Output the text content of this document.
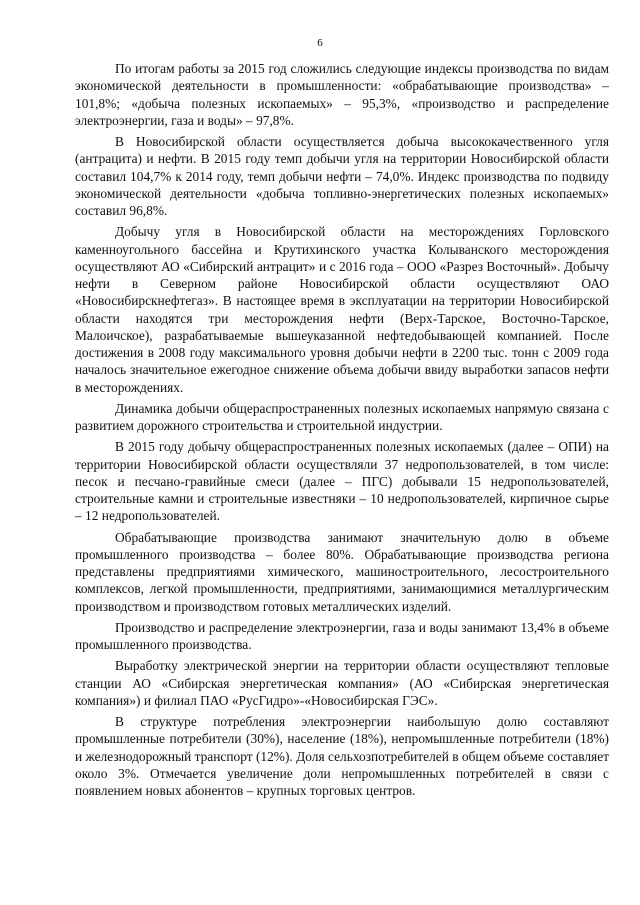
6

По итогам работы за 2015 год сложились следующие индексы производства по видам экономической деятельности в промышленности: «обрабатывающие производства» – 101,8%; «добыча полезных ископаемых» – 95,3%, «производство и распределение электроэнергии, газа и воды» – 97,8%.

В Новосибирской области осуществляется добыча высококачественного угля (антрацита) и нефти. В 2015 году темп добычи угля на территории Новосибирской области составил 104,7% к 2014 году, темп добычи нефти – 74,0%. Индекс производства по подвиду экономической деятельности «добыча топливно-энергетических полезных ископаемых» составил 96,8%.

Добычу угля в Новосибирской области на месторождениях Горловского каменноугольного бассейна и Крутихинского участка Колыванского месторождения осуществляют АО «Сибирский антрацит» и с 2016 года – ООО «Разрез Восточный». Добычу нефти в Северном районе Новосибирской области осуществляют ОАО «Новосибирскнефтегаз». В настоящее время в эксплуатации на территории Новосибирской области находятся три месторождения нефти (Верх-Тарское, Восточно-Тарское, Малоичское), разрабатываемые вышеуказанной нефтедобывающей компанией. После достижения в 2008 году максимального уровня добычи нефти в 2200 тыс. тонн с 2009 года началось значительное ежегодное снижение объема добычи ввиду выработки запасов нефти в месторождениях.

Динамика добычи общераспространенных полезных ископаемых напрямую связана с развитием дорожного строительства и строительной индустрии.

В 2015 году добычу общераспространенных полезных ископаемых (далее – ОПИ) на территории Новосибирской области осуществляли 37 недропользователей, в том числе: песок и песчано-гравийные смеси (далее – ПГС) добывали 15 недропользователей, строительные камни и строительные известняки – 10 недропользователей, кирпичное сырье – 12 недропользователей.

Обрабатывающие производства занимают значительную долю в объеме промышленного производства – более 80%. Обрабатывающие производства региона представлены предприятиями химического, машиностроительного, лесостроительного комплексов, легкой промышленности, предприятиями, занимающимися металлургическим производством и производством готовых металлических изделий.

Производство и распределение электроэнергии, газа и воды занимают 13,4% в объеме промышленного производства.

Выработку электрической энергии на территории области осуществляют тепловые станции АО «Сибирская энергетическая компания» (АО «Сибирская энергетическая компания») и филиал ПАО «РусГидро»-«Новосибирская ГЭС».

В структуре потребления электроэнергии наибольшую долю составляют промышленные потребители (30%), население (18%), непромышленные потребители (18%) и железнодорожный транспорт (12%). Доля сельхозпотребителей в общем объеме составляет около 3%. Отмечается увеличение доли непромышленных потребителей в связи с появлением новых абонентов – крупных торговых центров.
